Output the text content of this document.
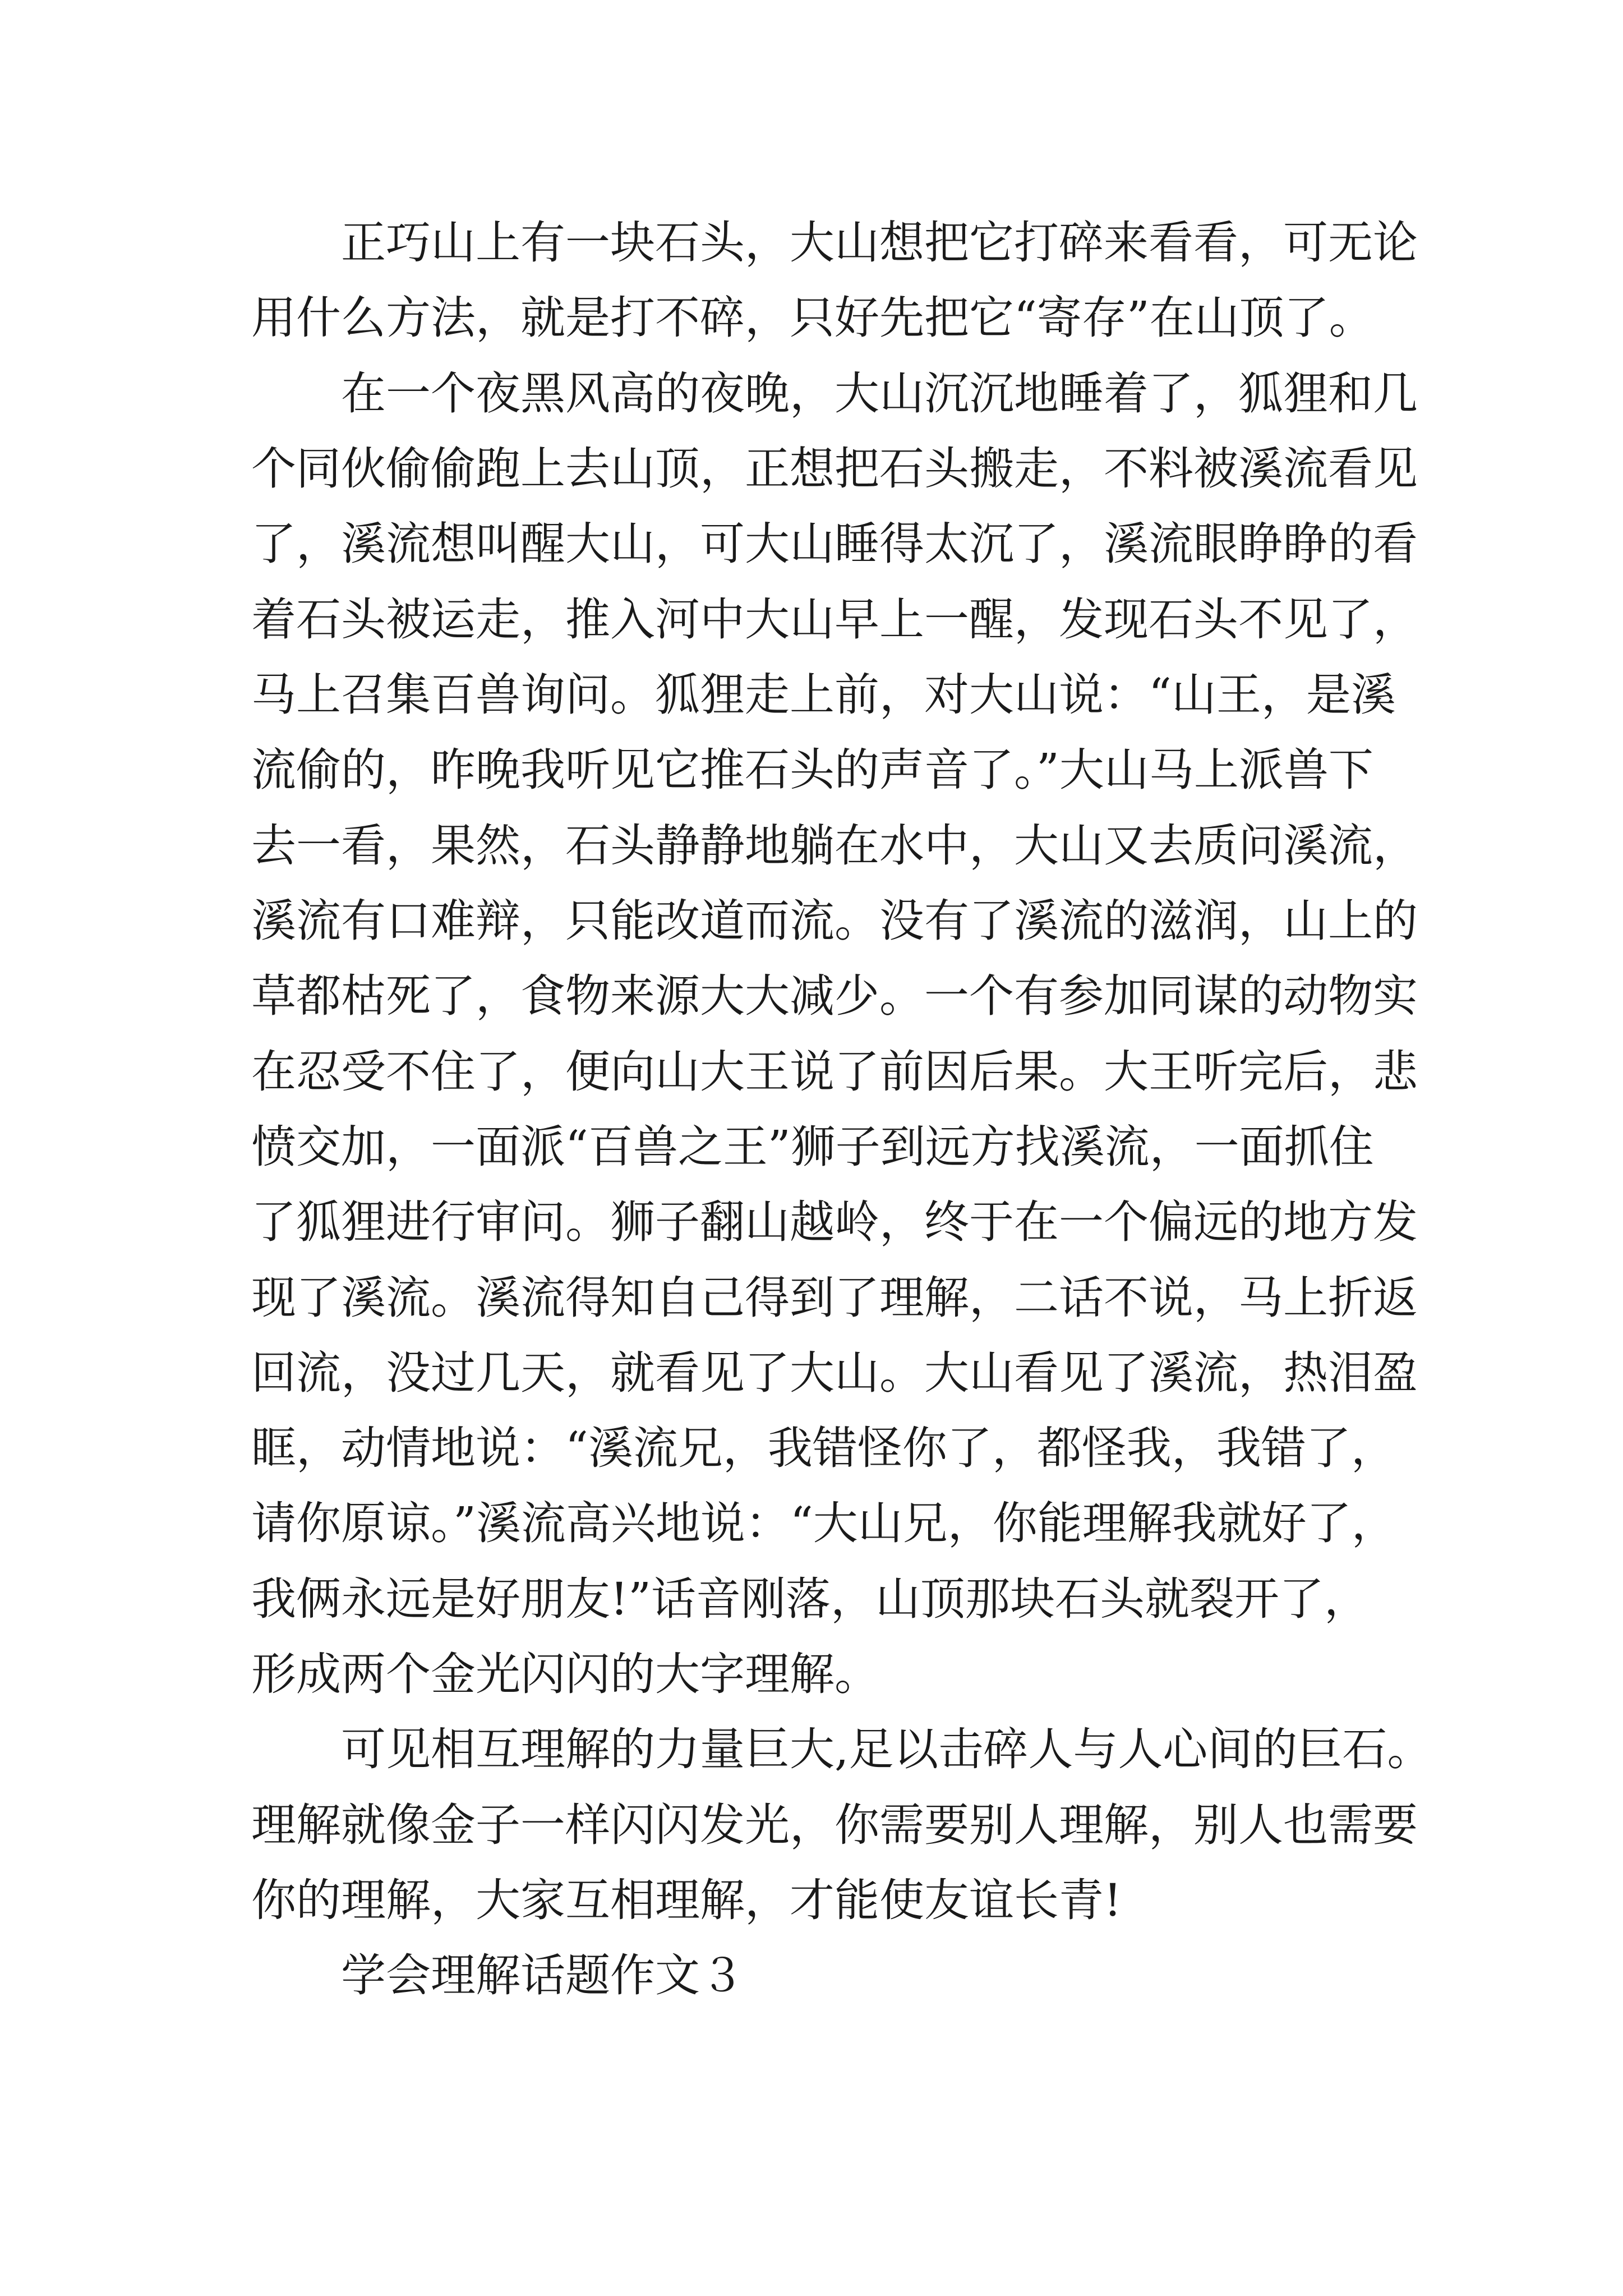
正巧山上有一块石头，大山想把它打碎来看看，可无论
用什么方法，就是打不碎，只好先把它“寄存”在山顶了。
在一个夜黑风高的夜晚，大山沉沉地睡着了，狐狸和几
个同伙偷偷跑上去山顶，正想把石头搬走，不料被溪流看见
了，溪流想叫醒大山，可大山睡得太沉了，溪流眼睁睁的看
着石头被运走，推入河中大山早上一醒，发现石头不见了，
马上召集百兽询问。狐狸走上前，对大山说：“山王，是溪
流偷的，昨晚我听见它推石头的声音了。”大山马上派兽下
去一看，果然，石头静静地躺在水中，大山又去质问溪流，
溪流有口难辩，只能改道而流。没有了溪流的滋润，山上的
草都枯死了，食物来源大大减少。一个有参加同谋的动物实
在忍受不住了，便向山大王说了前因后果。大王听完后，悲
愤交加，一面派“百兽之王”狮子到远方找溪流，一面抓住
了狐狸进行审问。狮子翻山越岭，终于在一个偏远的地方发
现了溪流。溪流得知自己得到了理解，二话不说，马上折返
回流，没过几天，就看见了大山。大山看见了溪流，热泪盈
眶，动情地说：“溪流兄，我错怪你了，都怪我，我错了，
请你原谅。”溪流高兴地说：“大山兄，你能理解我就好了，
我俩永远是好朋友!”话音刚落，山顶那块石头就裂开了，
形成两个金光闪闪的大字理解。
可见相互理解的力量巨大,足以击碎人与人心间的巨石。
理解就像金子一样闪闪发光，你需要别人理解，别人也需要
你的理解，大家互相理解，才能使友谊长青!
学会理解话题作文３
